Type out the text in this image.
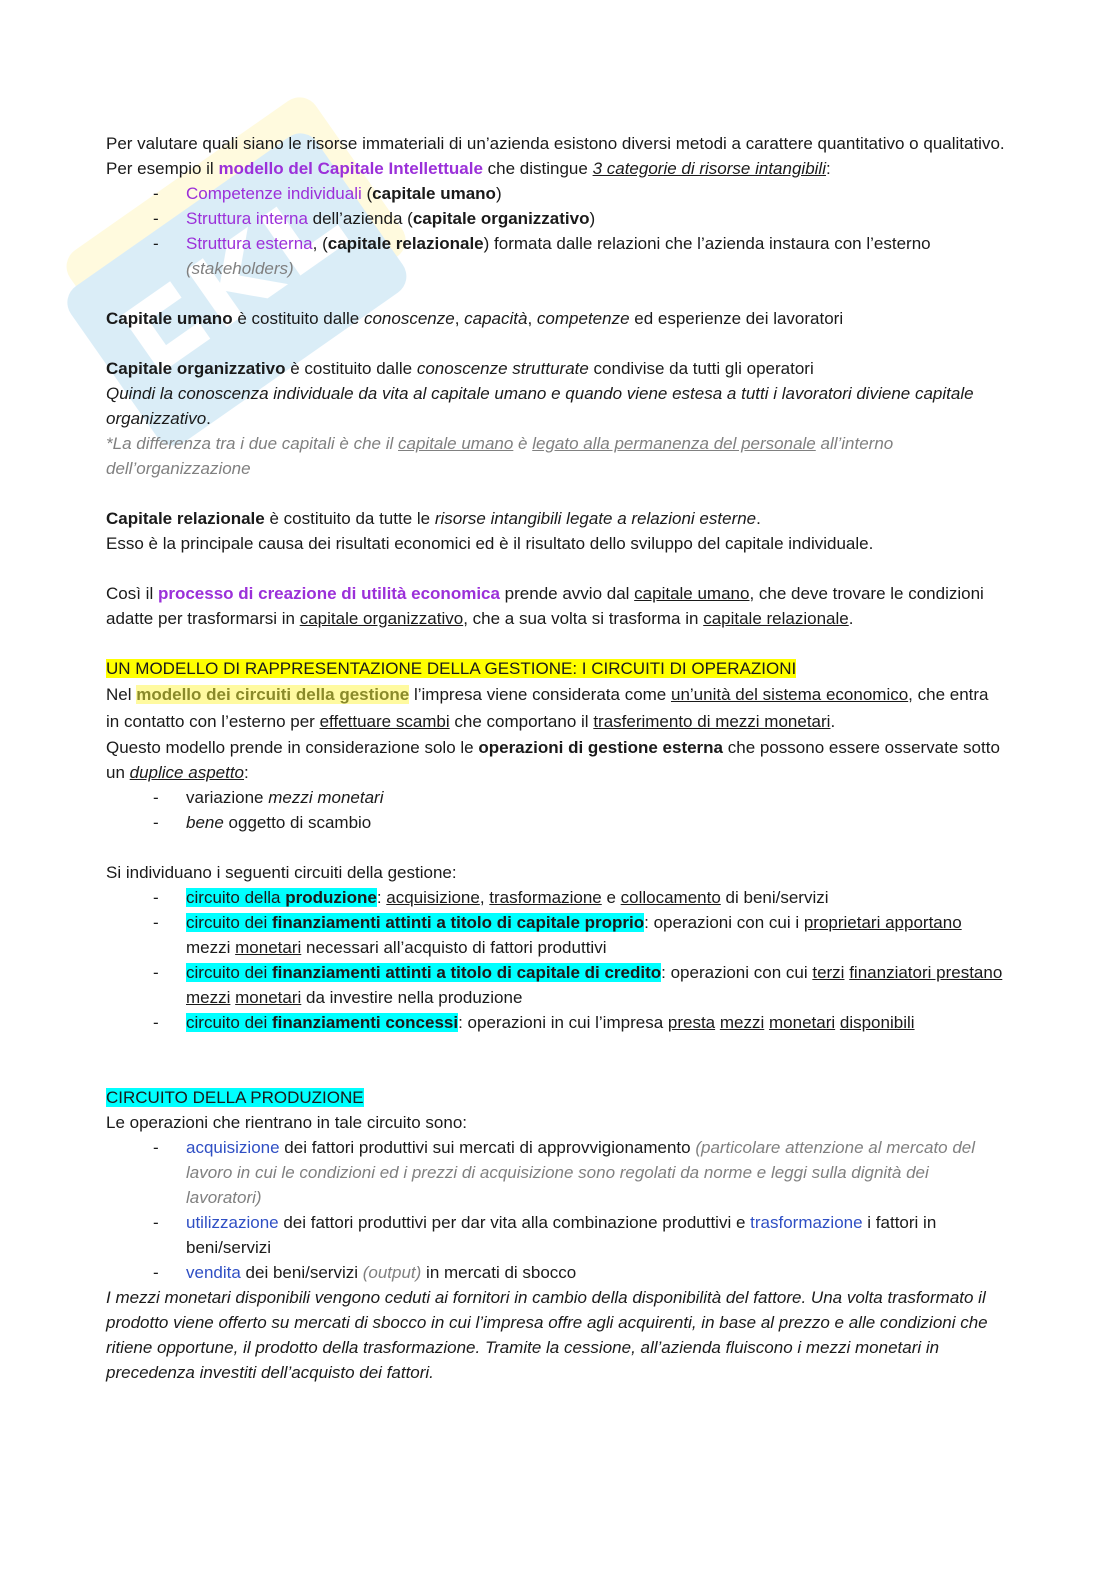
Per valutare quali siano le risorse immateriali di un’azienda esistono diversi metodi a carattere quantitativo o qualitativo. Per esempio il modello del Capitale Intellettuale che distingue 3 categorie di risorse intangibili:

- Competenze individuali (capitale umano)
- Struttura interna dell’azienda (capitale organizzativo)
- Struttura esterna, (capitale relazionale) formata dalle relazioni che l’azienda instaura con l’esterno (stakeholders)

Capitale umano è costituito dalle conoscenze, capacità, competenze ed esperienze dei lavoratori

Capitale organizzativo è costituito dalle conoscenze strutturate condivise da tutti gli operatori

Quindi la conoscenza individuale da vita al capitale umano e quando viene estesa a tutti i lavoratori diviene capitale organizzativo.

*La differenza tra i due capitali è che il capitale umano è legato alla permanenza del personale all’interno dell’organizzazione

Capitale relazionale è costituito da tutte le risorse intangibili legate a relazioni esterne.

Esso è la principale causa dei risultati economici ed è il risultato dello sviluppo del capitale individuale.

Così il processo di creazione di utilità economica prende avvio dal capitale umano, che deve trovare le condizioni adatte per trasformarsi in capitale organizzativo, che a sua volta si trasforma in capitale relazionale.

UN MODELLO DI RAPPRESENTAZIONE DELLA GESTIONE: I CIRCUITI DI OPERAZIONI

Nel modello dei circuiti della gestione l’impresa viene considerata come un’unità del sistema economico, che entra in contatto con l’esterno per effettuare scambi che comportano il trasferimento di mezzi monetari.

Questo modello prende in considerazione solo le operazioni di gestione esterna che possono essere osservate sotto un duplice aspetto:

- variazione mezzi monetari
- bene oggetto di scambio

Si individuano i seguenti circuiti della gestione:

- circuito della produzione: acquisizione, trasformazione e collocamento di beni/servizi
- circuito dei finanziamenti attinti a titolo di capitale proprio: operazioni con cui i proprietari apportano mezzi monetari necessari all’acquisto di fattori produttivi
- circuito dei finanziamenti attinti a titolo di capitale di credito: operazioni con cui terzi finanziatori prestano mezzi monetari da investire nella produzione
- circuito dei finanziamenti concessi: operazioni in cui l’impresa presta mezzi monetari disponibili

CIRCUITO DELLA PRODUZIONE

Le operazioni che rientrano in tale circuito sono:

- acquisizione dei fattori produttivi sui mercati di approvvigionamento (particolare attenzione al mercato del lavoro in cui le condizioni ed i prezzi di acquisizione sono regolati da norme e leggi sulla dignità dei lavoratori)
- utilizzazione dei fattori produttivi per dar vita alla combinazione produttivi e trasformazione i fattori in beni/servizi
- vendita dei beni/servizi (output) in mercati di sbocco

I mezzi monetari disponibili vengono ceduti ai fornitori in cambio della disponibilità del fattore. Una volta trasformato il prodotto viene offerto su mercati di sbocco in cui l’impresa offre agli acquirenti, in base al prezzo e alle condizioni che ritiene opportune, il prodotto della trasformazione. Tramite la cessione, all’azienda fluiscono i mezzi monetari in precedenza investiti dell’acquisto dei fattori.
